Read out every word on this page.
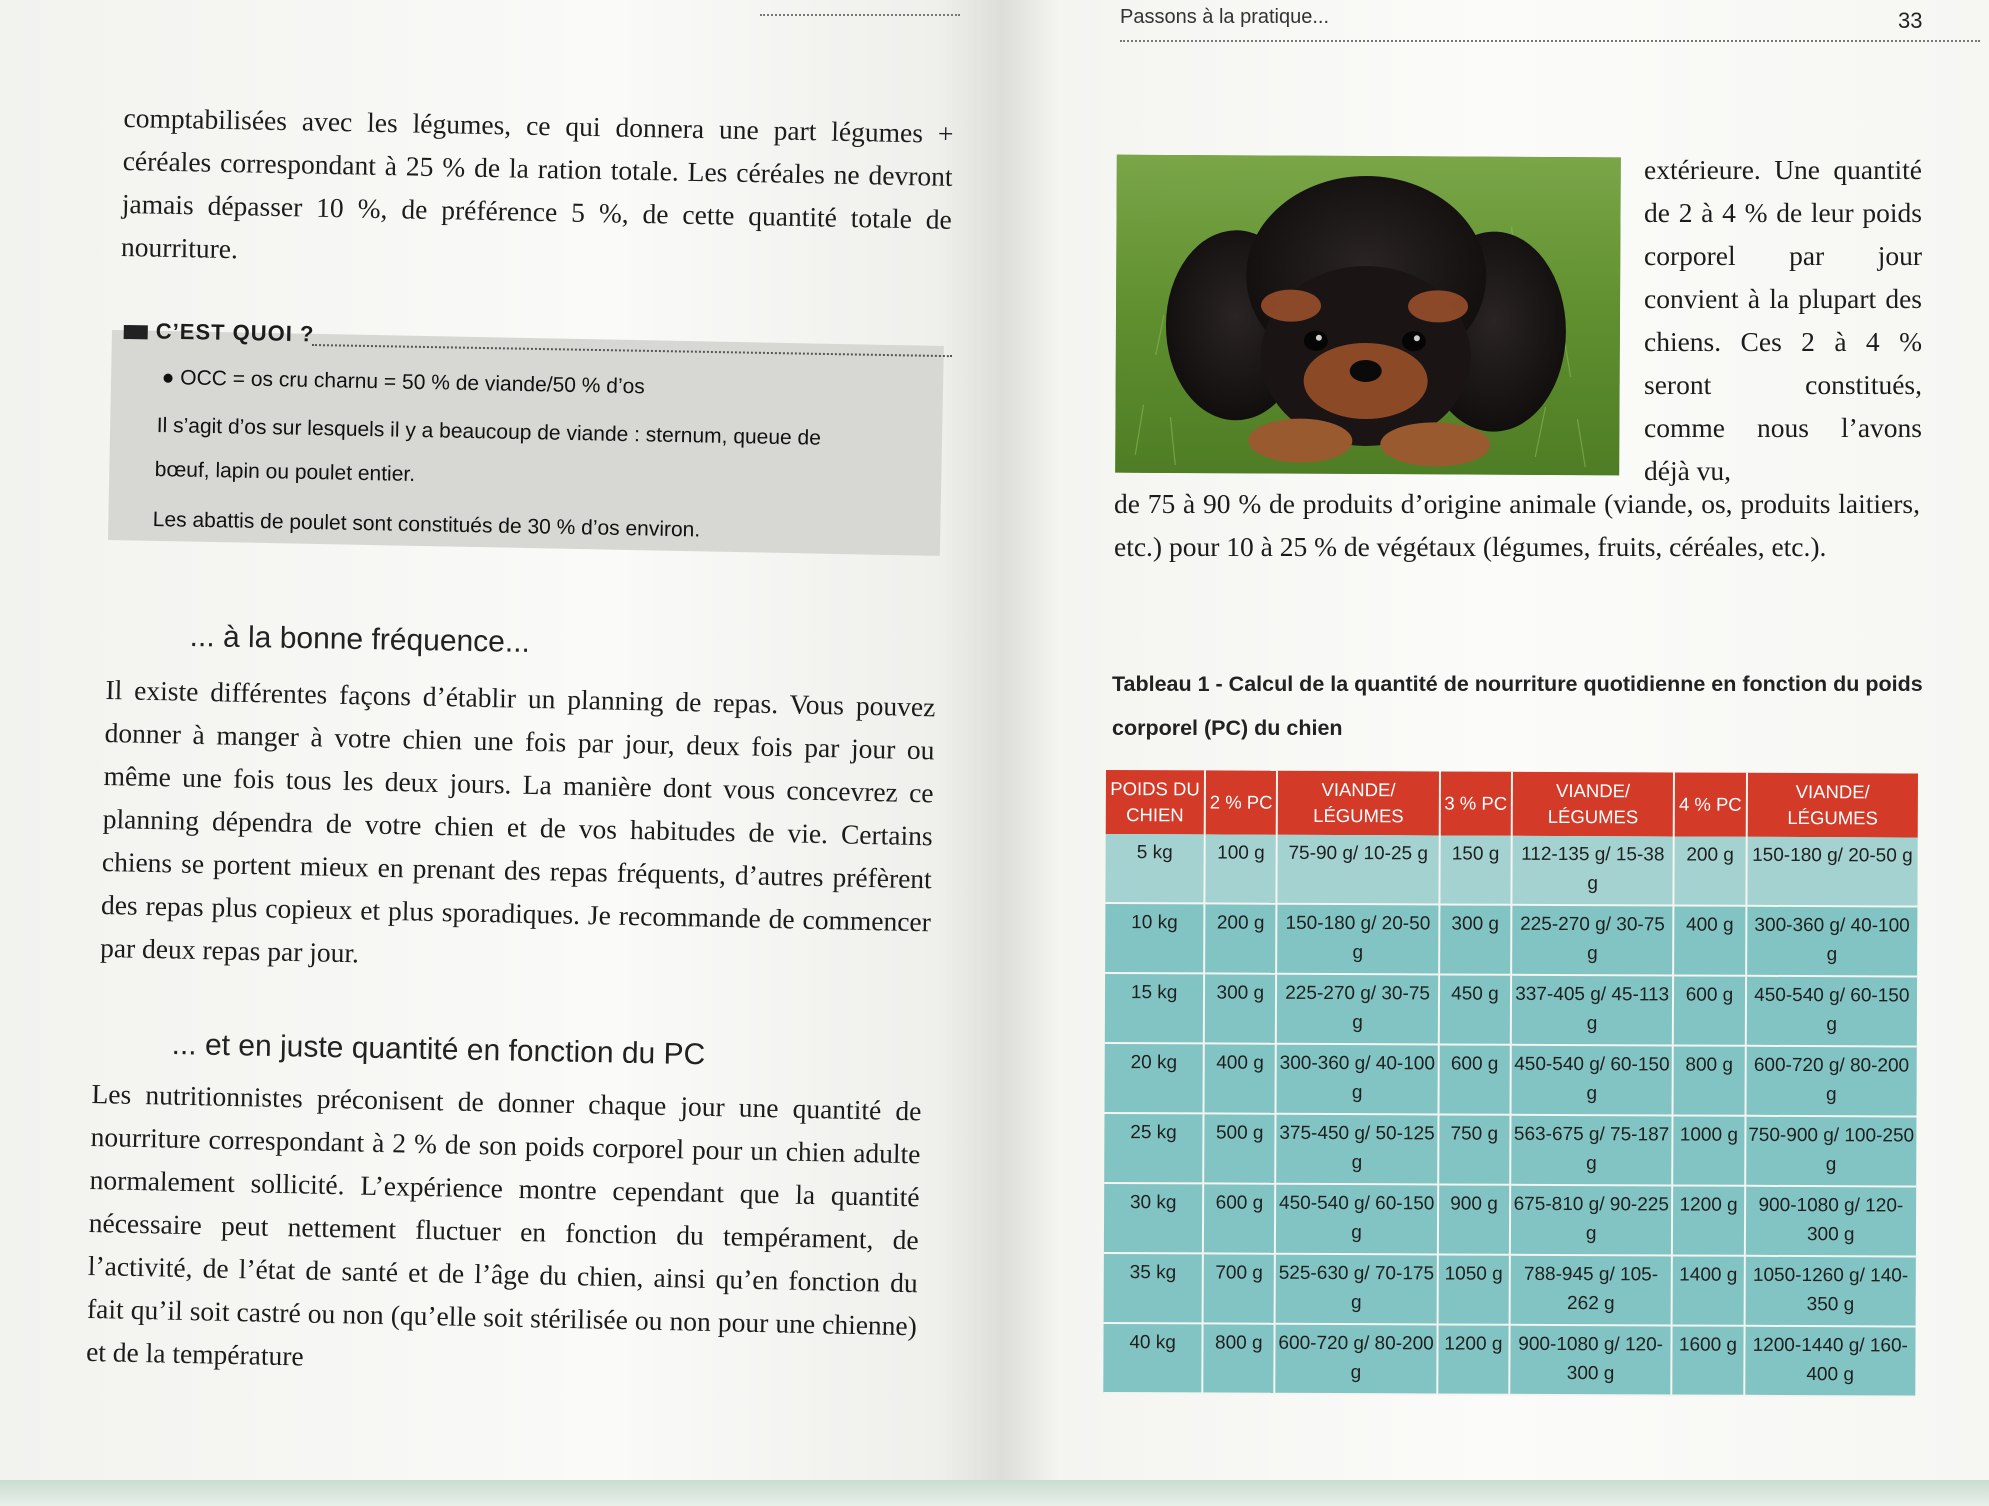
comptabilisées avec les légumes, ce qui donnera une part légumes + céréales correspondant à 25 % de la ration totale. Les céréales ne devront jamais dépasser 10 %, de préférence 5 %, de cette quantité totale de nourriture.

C’EST QUOI ?
● OCC = os cru charnu = 50 % de viande/50 % d’os
Il s’agit d’os sur lesquels il y a beaucoup de viande : sternum, queue de
bœuf, lapin ou poulet entier.
Les abattis de poulet sont constitués de 30 % d’os environ.
... à la bonne fréquence...

Il existe différentes façons d’établir un planning de repas. Vous pouvez donner à manger à votre chien une fois par jour, deux fois par jour ou même une fois tous les deux jours. La manière dont vous concevrez ce planning dépendra de votre chien et de vos habitudes de vie. Certains chiens se portent mieux en prenant des repas fréquents, d’autres préfèrent des repas plus copieux et plus sporadiques. Je recommande de commencer par deux repas par jour.

... et en juste quantité en fonction du PC

Les nutritionnistes préconisent de donner chaque jour une quantité de nourriture correspondant à 2 % de son poids corporel pour un chien adulte normalement sollicité. L’expérience montre cependant que la quantité nécessaire peut nettement fluctuer en fonction du tempérament, de l’activité, de l’état de santé et de l’âge du chien, ainsi qu’en fonction du fait qu’il soit castré ou non (qu’elle soit stérilisée ou non pour une chienne) et de la température

Passons à la pratique...	33

extérieure. Une quantité de 2 à 4 % de leur poids corporel par jour convient à la plupart des chiens. Ces 2 à 4 % seront constitués, comme nous l’avons déjà vu,

de 75 à 90 % de produits d’origine animale (viande, os, produits laitiers, etc.) pour 10 à 25 % de végétaux (légumes, fruits, céréales, etc.).

Tableau 1 - Calcul de la quantité de nourriture quotidienne en fonction du poids corporel (PC) du chien
POIDS DU CHIEN	2 % PC	VIANDE/ LÉGUMES	3 % PC	VIANDE/ LÉGUMES	4 % PC	VIANDE/ LÉGUMES
5 kg	100 g	75-90 g/ 10-25 g	150 g	112-135 g/ 15-38 g	200 g	150-180 g/ 20-50 g
10 kg	200 g	150-180 g/ 20-50 g	300 g	225-270 g/ 30-75 g	400 g	300-360 g/ 40-100 g
15 kg	300 g	225-270 g/ 30-75 g	450 g	337-405 g/ 45-113 g	600 g	450-540 g/ 60-150 g
20 kg	400 g	300-360 g/ 40-100 g	600 g	450-540 g/ 60-150 g	800 g	600-720 g/ 80-200 g
25 kg	500 g	375-450 g/ 50-125 g	750 g	563-675 g/ 75-187 g	1000 g	750-900 g/ 100-250 g
30 kg	600 g	450-540 g/ 60-150 g	900 g	675-810 g/ 90-225 g	1200 g	900-1080 g/ 120-300 g
35 kg	700 g	525-630 g/ 70-175 g	1050 g	788-945 g/ 105-262 g	1400 g	1050-1260 g/ 140-350 g
40 kg	800 g	600-720 g/ 80-200 g	1200 g	900-1080 g/ 120-300 g	1600 g	1200-1440 g/ 160-400 g
